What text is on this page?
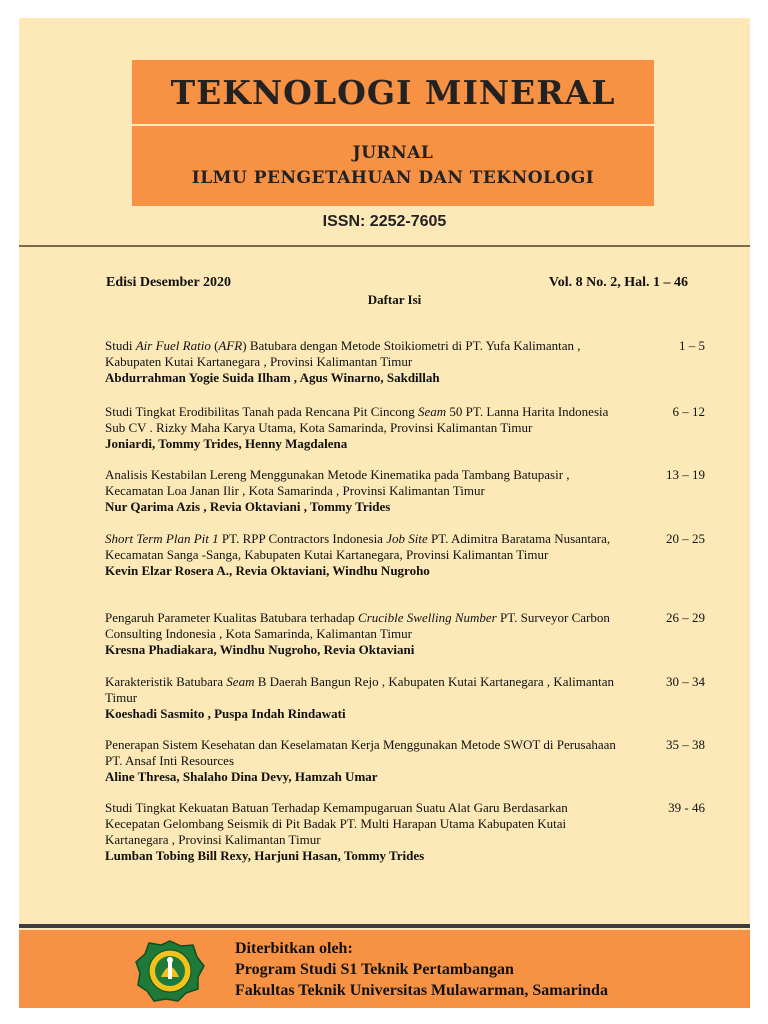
TEKNOLOGI MINERAL
JURNAL
ILMU PENGETAHUAN DAN TEKNOLOGI
ISSN: 2252-7605
Edisi Desember 2020	Vol. 8 No. 2, Hal. 1 – 46
Daftar Isi
Studi Air Fuel Ratio (AFR) Batubara dengan Metode Stoikiometri di PT. Yufa Kalimantan , Kabupaten Kutai Kartanegara , Provinsi Kalimantan Timur
Abdurrahman Yogie Suida Ilham , Agus Winarno, Sakdillah
1 – 5
Studi Tingkat Erodibilitas Tanah pada Rencana Pit Cincong Seam 50 PT. Lanna Harita Indonesia Sub CV . Rizky Maha Karya Utama, Kota Samarinda, Provinsi Kalimantan Timur
Joniardi, Tommy Trides, Henny Magdalena
6 – 12
Analisis Kestabilan Lereng Menggunakan Metode Kinematika pada Tambang Batupasir , Kecamatan Loa Janan Ilir , Kota Samarinda , Provinsi Kalimantan Timur
Nur Qarima Azis , Revia Oktaviani , Tommy Trides
13 – 19
Short Term Plan Pit 1 PT. RPP Contractors Indonesia Job Site PT. Adimitra Baratama Nusantara, Kecamatan Sanga -Sanga, Kabupaten Kutai Kartanegara, Provinsi Kalimantan Timur
Kevin Elzar Rosera A., Revia Oktaviani, Windhu Nugroho
20 – 25
Pengaruh Parameter Kualitas Batubara terhadap Crucible Swelling Number PT. Surveyor Carbon Consulting Indonesia , Kota Samarinda, Kalimantan Timur
Kresna Phadiakara, Windhu Nugroho, Revia Oktaviani
26 – 29
Karakteristik Batubara Seam B Daerah Bangun Rejo , Kabupaten Kutai Kartanegara , Kalimantan Timur
Koeshadi Sasmito , Puspa Indah Rindawati
30 – 34
Penerapan Sistem Kesehatan dan Keselamatan Kerja Menggunakan Metode SWOT di Perusahaan PT. Ansaf Inti Resources
Aline Thresa, Shalaho Dina Devy, Hamzah Umar
35 – 38
Studi Tingkat Kekuatan Batuan Terhadap Kemampugaruan Suatu Alat Garu Berdasarkan Kecepatan Gelombang Seismik di Pit Badak PT. Multi Harapan Utama Kabupaten Kutai Kartanegara , Provinsi Kalimantan Timur
Lumban Tobing Bill Rexy, Harjuni Hasan, Tommy Trides
39 - 46
Diterbitkan oleh:
Program Studi S1 Teknik Pertambangan
Fakultas Teknik Universitas Mulawarman, Samarinda
